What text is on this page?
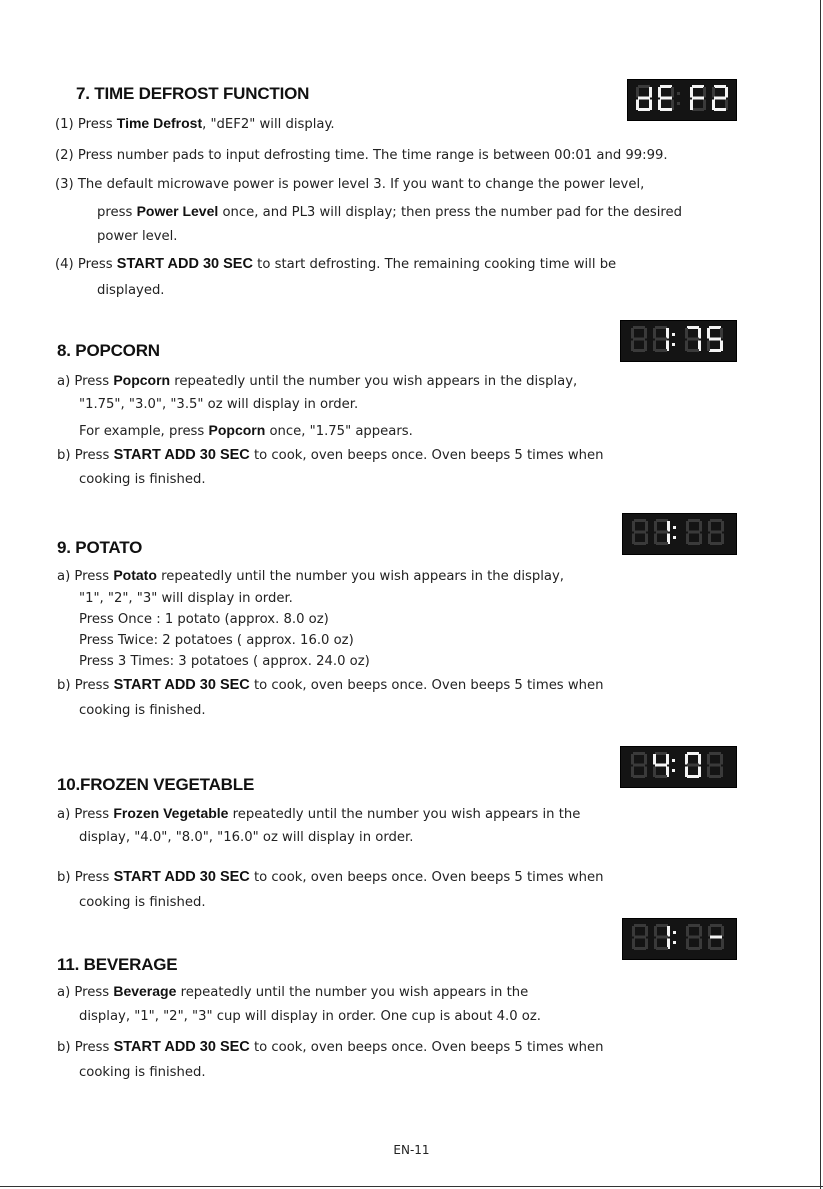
7. TIME DEFROST FUNCTION
(1) Press Time Defrost, "dEF2" will display.
(2) Press number pads to input defrosting time. The time range is between 00:01 and 99:99.
(3) The default microwave power is power level 3. If you want to change the power level,
press Power Level once, and PL3 will display; then press the number pad for the desired
power level.
(4) Press START ADD 30 SEC to start defrosting. The remaining cooking time will be
displayed.
8. POPCORN
a) Press Popcorn repeatedly until the number you wish appears in the display,
"1.75", "3.0", "3.5" oz will display in order.
For example, press Popcorn once, "1.75" appears.
b) Press START ADD 30 SEC to cook, oven beeps once. Oven beeps 5 times when
cooking is finished.
9. POTATO
a) Press Potato repeatedly until the number you wish appears in the display,
"1", "2", "3" will display in order.
Press Once : 1 potato (approx. 8.0 oz)
Press Twice: 2 potatoes ( approx. 16.0 oz)
Press 3 Times: 3 potatoes ( approx. 24.0 oz)
b) Press START ADD 30 SEC to cook, oven beeps once. Oven beeps 5 times when
cooking is finished.
10.FROZEN VEGETABLE
a) Press Frozen Vegetable repeatedly until the number you wish appears in the
display, "4.0", "8.0", "16.0" oz will display in order.
b) Press START ADD 30 SEC to cook, oven beeps once. Oven beeps 5 times when
cooking is finished.
11. BEVERAGE
a) Press Beverage repeatedly until the number you wish appears in the
display, "1", "2", "3" cup will display in order. One cup is about 4.0 oz.
b) Press START ADD 30 SEC to cook, oven beeps once. Oven beeps 5 times when
cooking is finished.
EN-11
